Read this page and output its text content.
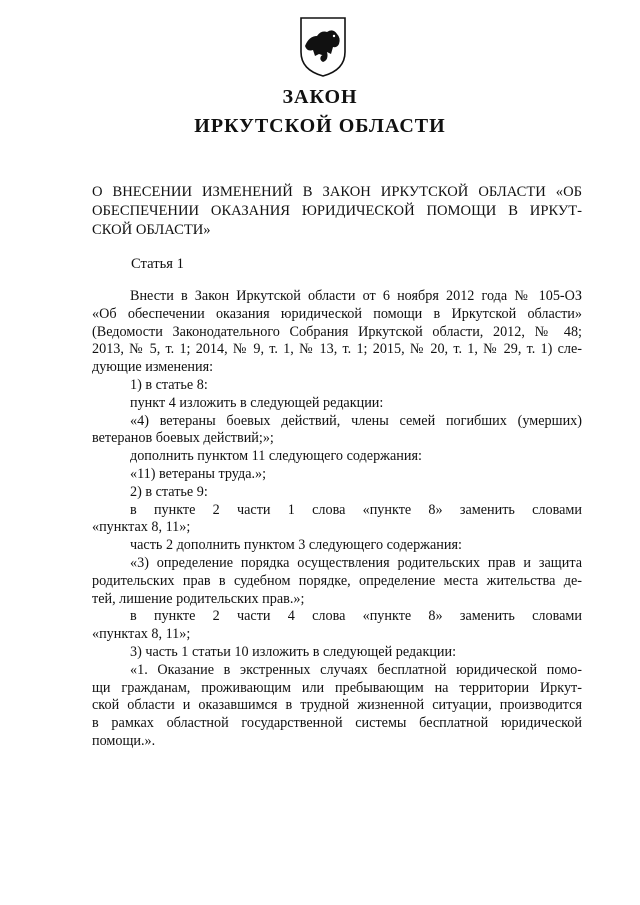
ЗАКОН
ИРКУТСКОЙ ОБЛАСТИ
О ВНЕСЕНИИ ИЗМЕНЕНИЙ В ЗАКОН ИРКУТСКОЙ ОБЛАСТИ «ОБ
ОБЕСПЕЧЕНИИ ОКАЗАНИЯ ЮРИДИЧЕСКОЙ ПОМОЩИ В ИРКУТ-
СКОЙ ОБЛАСТИ»
Статья 1
Внести в Закон Иркутской области от 6 ноября 2012 года № 105-ОЗ
«Об обеспечении оказания юридической помощи в Иркутской области»
(Ведомости Законодательного Собрания Иркутской области, 2012, № 48;
2013, № 5, т. 1; 2014, № 9, т. 1, № 13, т. 1; 2015, № 20, т. 1, № 29, т. 1) сле-
дующие изменения:
1) в статье 8:
пункт 4 изложить в следующей редакции:
«4) ветераны боевых действий, члены семей погибших (умерших)
ветеранов боевых действий;»;
дополнить пунктом 11 следующего содержания:
«11) ветераны труда.»;
2) в статье 9:
в пункте 2 части 1 слова «пункте 8» заменить словами
«пунктах 8, 11»;
часть 2 дополнить пунктом 3 следующего содержания:
«3) определение порядка осуществления родительских прав и защита
родительских прав в судебном порядке, определение места жительства де-
тей, лишение родительских прав.»;
в пункте 2 части 4 слова «пункте 8» заменить словами
«пунктах 8, 11»;
3) часть 1 статьи 10 изложить в следующей редакции:
«1. Оказание в экстренных случаях бесплатной юридической помо-
щи гражданам, проживающим или пребывающим на территории Иркут-
ской области и оказавшимся в трудной жизненной ситуации, производится
в рамках областной государственной системы бесплатной юридической
помощи.».
